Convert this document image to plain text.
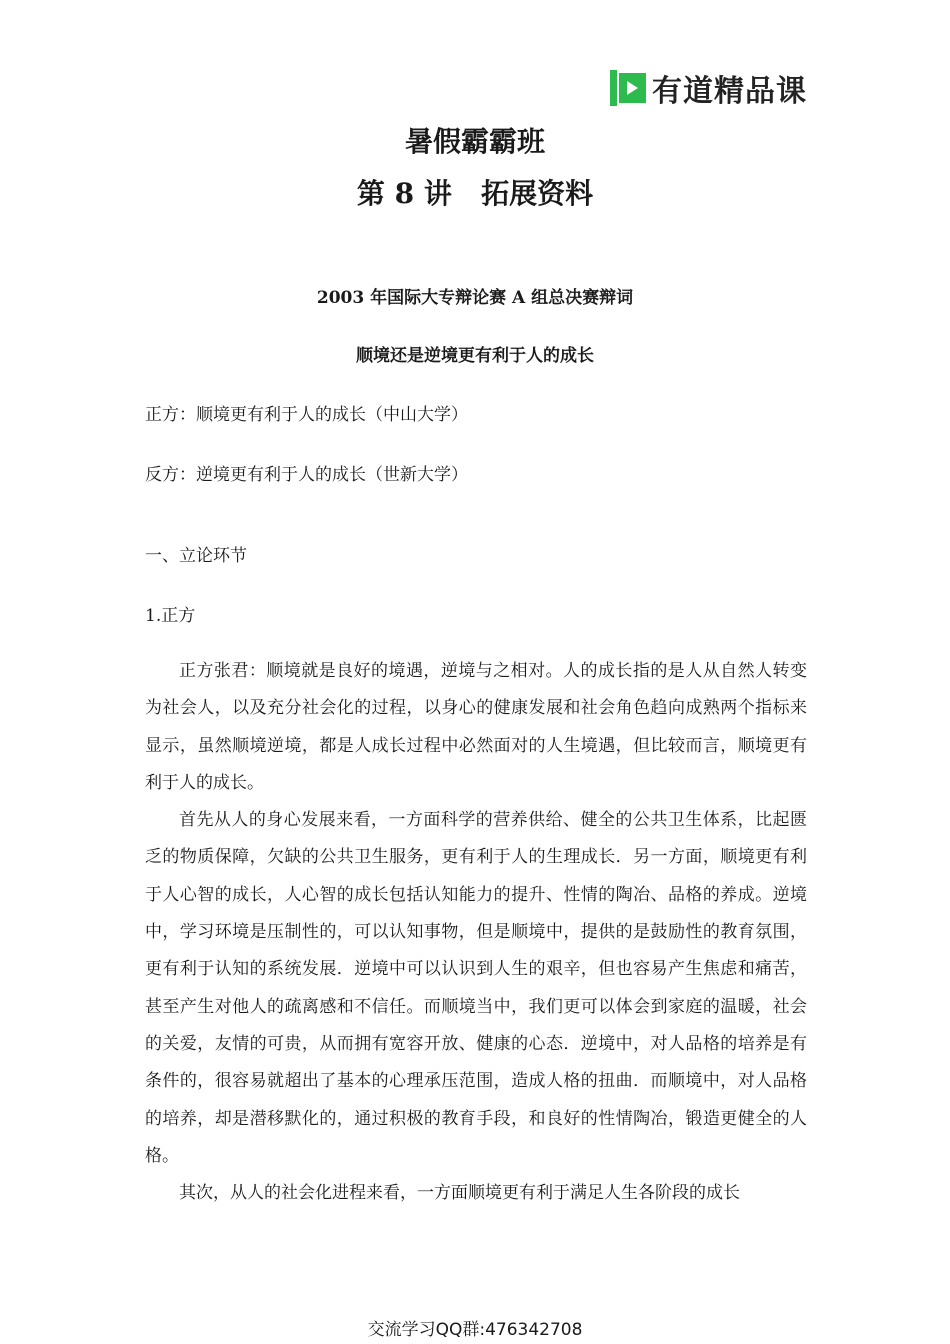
有道精品课
暑假霸霸班
第 8 讲   拓展资料
2003 年国际大专辩论赛 A 组总决赛辩词
顺境还是逆境更有利于人的成长
正方：顺境更有利于人的成长（中山大学）
反方：逆境更有利于人的成长（世新大学）
一、立论环节
1.正方

正方张君：顺境就是良好的境遇，逆境与之相对。人的成长指的是人从自然人转变为社会人，以及充分社会化的过程，以身心的健康发展和社会角色趋向成熟两个指标来显示，虽然顺境逆境，都是人成长过程中必然面对的人生境遇，但比较而言，顺境更有利于人的成长。

首先从人的身心发展来看，一方面科学的营养供给、健全的公共卫生体系，比起匮乏的物质保障，欠缺的公共卫生服务，更有利于人的生理成长．另一方面，顺境更有利于人心智的成长，人心智的成长包括认知能力的提升、性情的陶冶、品格的养成。逆境中，学习环境是压制性的，可以认知事物，但是顺境中，提供的是鼓励性的教育氛围，更有利于认知的系统发展．逆境中可以认识到人生的艰辛，但也容易产生焦虑和痛苦，甚至产生对他人的疏离感和不信任。而顺境当中，我们更可以体会到家庭的温暖，社会的关爱，友情的可贵，从而拥有宽容开放、健康的心态．逆境中，对人品格的培养是有条件的，很容易就超出了基本的心理承压范围，造成人格的扭曲．而顺境中，对人品格的培养，却是潜移默化的，通过积极的教育手段，和良好的性情陶冶，锻造更健全的人格。

其次，从人的社会化进程来看，一方面顺境更有利于满足人生各阶段的成长

交流学习QQ群:476342708
